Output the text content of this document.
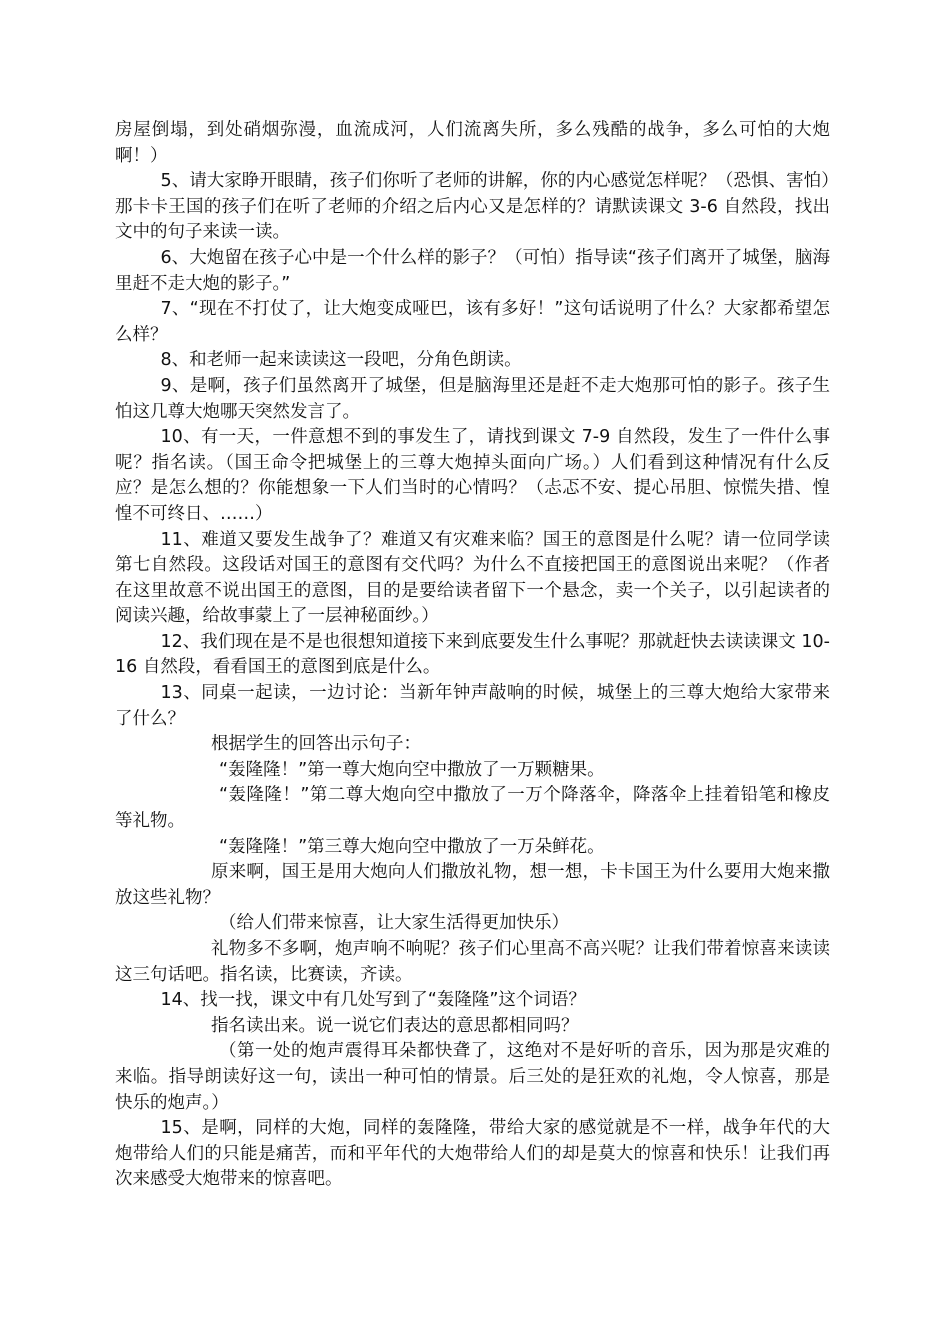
房屋倒塌，到处硝烟弥漫，血流成河，人们流离失所，多么残酷的战争，多么可怕的大炮啊！）

5、请大家睁开眼睛，孩子们你听了老师的讲解，你的内心感觉怎样呢？（恐惧、害怕）那卡卡王国的孩子们在听了老师的介绍之后内心又是怎样的？请默读课文 3-6 自然段，找出文中的句子来读一读。

6、大炮留在孩子心中是一个什么样的影子？（可怕）指导读“孩子们离开了城堡，脑海里赶不走大炮的影子。”

7、“现在不打仗了，让大炮变成哑巴，该有多好！”这句话说明了什么？大家都希望怎么样？

8、和老师一起来读读这一段吧，分角色朗读。

9、是啊，孩子们虽然离开了城堡，但是脑海里还是赶不走大炮那可怕的影子。孩子生怕这几尊大炮哪天突然发言了。

10、有一天，一件意想不到的事发生了，请找到课文 7-9 自然段，发生了一件什么事呢？指名读。（国王命令把城堡上的三尊大炮掉头面向广场。）人们看到这种情况有什么反应？是怎么想的？你能想象一下人们当时的心情吗？（忐忑不安、提心吊胆、惊慌失措、惶惶不可终日、……）

11、难道又要发生战争了？难道又有灾难来临？国王的意图是什么呢？请一位同学读第七自然段。这段话对国王的意图有交代吗？为什么不直接把国王的意图说出来呢？（作者在这里故意不说出国王的意图，目的是要给读者留下一个悬念，卖一个关子，以引起读者的阅读兴趣，给故事蒙上了一层神秘面纱。）

12、我们现在是不是也很想知道接下来到底要发生什么事呢？那就赶快去读读课文 10-16 自然段，看看国王的意图到底是什么。

13、同桌一起读，一边讨论：当新年钟声敲响的时候，城堡上的三尊大炮给大家带来了什么？

根据学生的回答出示句子：

“轰隆隆！”第一尊大炮向空中撒放了一万颗糖果。

“轰隆隆！”第二尊大炮向空中撒放了一万个降落伞，降落伞上挂着铅笔和橡皮等礼物。

“轰隆隆！”第三尊大炮向空中撒放了一万朵鲜花。

原来啊，国王是用大炮向人们撒放礼物，想一想，卡卡国王为什么要用大炮来撒放这些礼物？

（给人们带来惊喜，让大家生活得更加快乐）

礼物多不多啊，炮声响不响呢？孩子们心里高不高兴呢？让我们带着惊喜来读读这三句话吧。指名读，比赛读，齐读。

14、找一找，课文中有几处写到了“轰隆隆”这个词语？

指名读出来。说一说它们表达的意思都相同吗？

（第一处的炮声震得耳朵都快聋了，这绝对不是好听的音乐，因为那是灾难的来临。指导朗读好这一句，读出一种可怕的情景。后三处的是狂欢的礼炮，令人惊喜，那是快乐的炮声。）

15、是啊，同样的大炮，同样的轰隆隆，带给大家的感觉就是不一样，战争年代的大炮带给人们的只能是痛苦，而和平年代的大炮带给人们的却是莫大的惊喜和快乐！让我们再次来感受大炮带来的惊喜吧。
